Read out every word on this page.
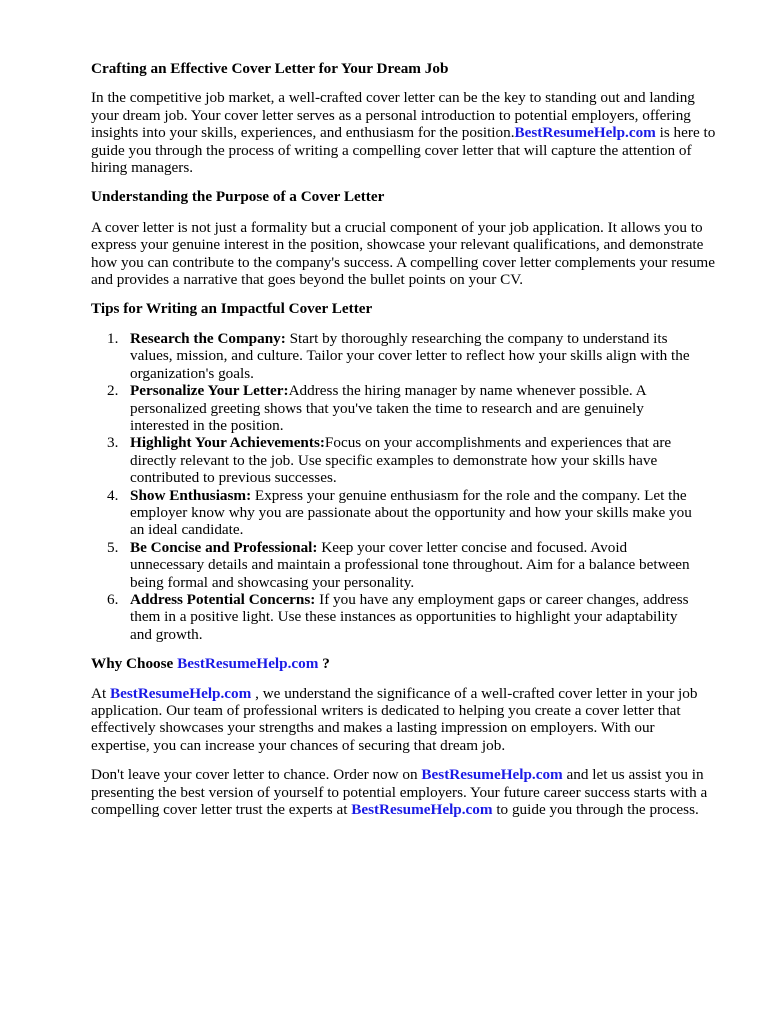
Crafting an Effective Cover Letter for Your Dream Job

In the competitive job market, a well-crafted cover letter can be the key to standing out and landing your dream job. Your cover letter serves as a personal introduction to potential employers, offering insights into your skills, experiences, and enthusiasm for the position.BestResumeHelp.com is here to guide you through the process of writing a compelling cover letter that will capture the attention of hiring managers.

Understanding the Purpose of a Cover Letter

A cover letter is not just a formality but a crucial component of your job application. It allows you to express your genuine interest in the position, showcase your relevant qualifications, and demonstrate how you can contribute to the company's success. A compelling cover letter complements your resume and provides a narrative that goes beyond the bullet points on your CV.

Tips for Writing an Impactful Cover Letter
1. Research the Company: Start by thoroughly researching the company to understand its values, mission, and culture. Tailor your cover letter to reflect how your skills align with the organization's goals.
2. Personalize Your Letter:Address the hiring manager by name whenever possible. A personalized greeting shows that you've taken the time to research and are genuinely interested in the position.
3. Highlight Your Achievements:Focus on your accomplishments and experiences that are directly relevant to the job. Use specific examples to demonstrate how your skills have contributed to previous successes.
4. Show Enthusiasm: Express your genuine enthusiasm for the role and the company. Let the employer know why you are passionate about the opportunity and how your skills make you an ideal candidate.
5. Be Concise and Professional: Keep your cover letter concise and focused. Avoid unnecessary details and maintain a professional tone throughout. Aim for a balance between being formal and showcasing your personality.
6. Address Potential Concerns: If you have any employment gaps or career changes, address them in a positive light. Use these instances as opportunities to highlight your adaptability and growth.
Why Choose BestResumeHelp.com ?

At BestResumeHelp.com , we understand the significance of a well-crafted cover letter in your job application. Our team of professional writers is dedicated to helping you create a cover letter that effectively showcases your strengths and makes a lasting impression on employers. With our expertise, you can increase your chances of securing that dream job.

Don't leave your cover letter to chance. Order now on BestResumeHelp.com and let us assist you in presenting the best version of yourself to potential employers. Your future career success starts with a compelling cover letter trust the experts at BestResumeHelp.com to guide you through the process.
